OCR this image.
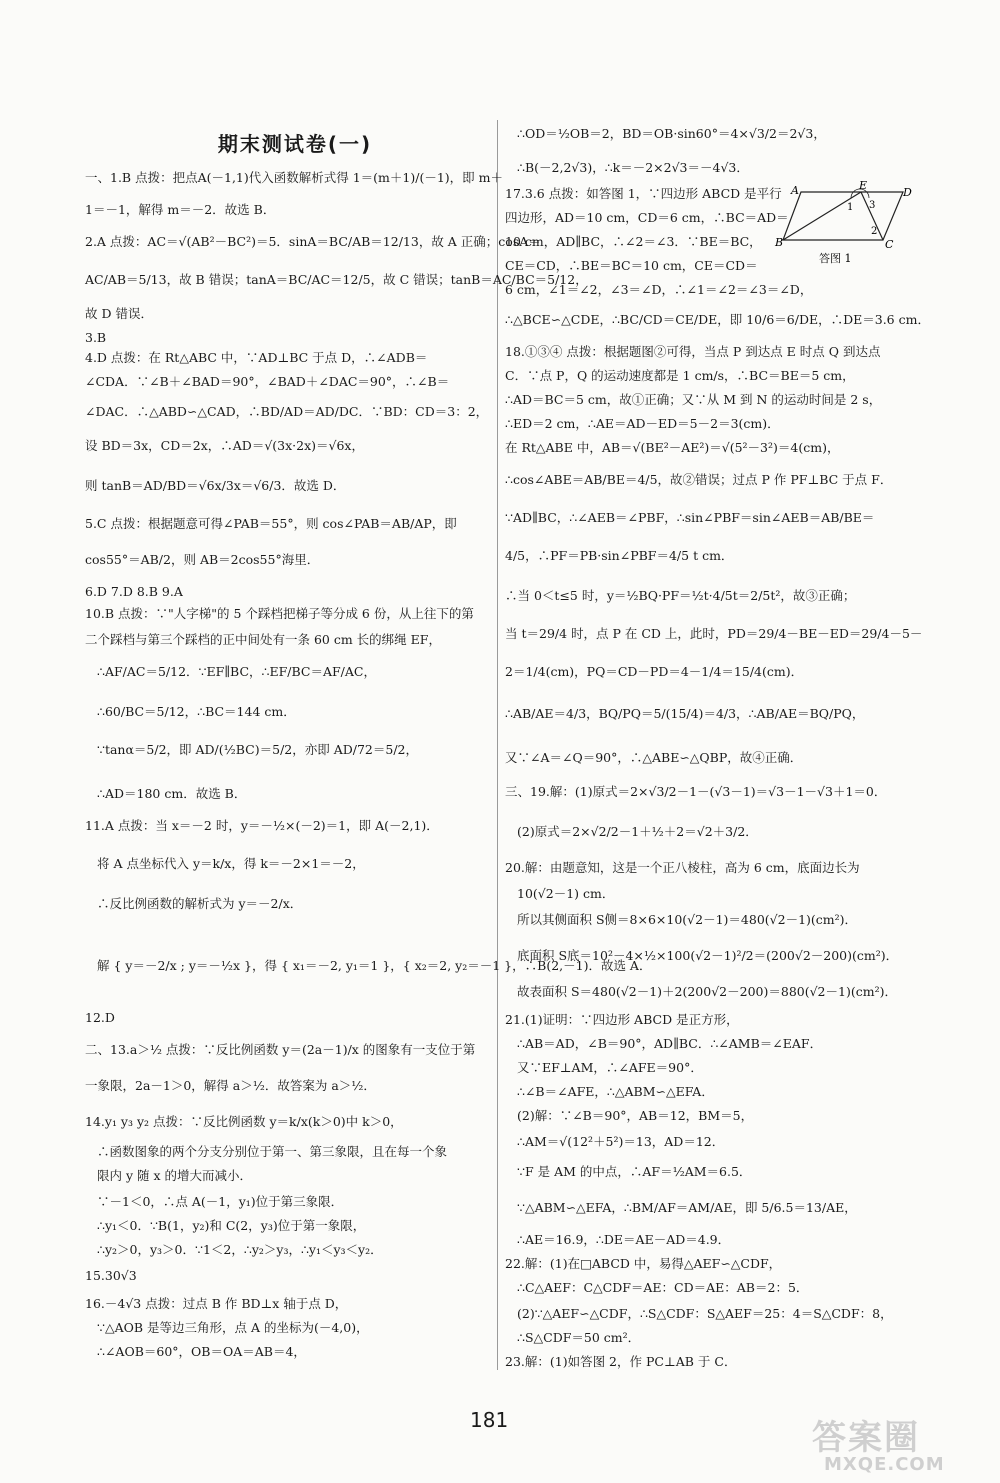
期末测试卷(一)
一、1.B 点拨：把点A(－1,1)代入函数解析式得 1＝(m＋1)/(－1)，即 m＋
1＝－1，解得 m＝－2．故选 B．
2.A 点拨：AC＝√(AB²－BC²)＝5．sinA＝BC/AB＝12/13，故 A 正确；cosA＝
AC/AB＝5/13，故 B 错误；tanA＝BC/AC＝12/5，故 C 错误；tanB＝AC/BC＝5/12，
故 D 错误．
3.B
4.D 点拨：在 Rt△ABC 中，∵AD⊥BC 于点 D，∴∠ADB＝
∠CDA．∵∠B＋∠BAD＝90°，∠BAD＋∠DAC＝90°，∴∠B＝
∠DAC．∴△ABD∽△CAD，∴BD/AD＝AD/DC．∵BD：CD＝3：2，
设 BD＝3x，CD＝2x，∴AD＝√(3x·2x)＝√6x，
则 tanB＝AD/BD＝√6x/3x＝√6/3．故选 D．
5.C 点拨：根据题意可得∠PAB＝55°，则 cos∠PAB＝AB/AP，即
cos55°＝AB/2，则 AB＝2cos55°海里．
6.D 7.D 8.B 9.A
10.B 点拨：∵"人字梯"的 5 个踩档把梯子等分成 6 份，从上往下的第
二个踩档与第三个踩档的正中间处有一条 60 cm 长的绑绳 EF，
∴AF/AC＝5/12．∵EF∥BC，∴EF/BC＝AF/AC，
∴60/BC＝5/12，∴BC＝144 cm．
∵tanα＝5/2，即 AD/(½BC)＝5/2，亦即 AD/72＝5/2，
∴AD＝180 cm．故选 B．
11.A 点拨：当 x＝－2 时，y＝－½×(－2)＝1，即 A(－2,1)．
将 A 点坐标代入 y＝k/x，得 k＝－2×1＝－2，
∴反比例函数的解析式为 y＝－2/x．
解 { y＝－2/x ; y＝－½x }，得 { x₁＝－2, y₁＝1 }，{ x₂＝2, y₂＝－1 }，∴B(2,－1)．故选 A．
12.D
二、13.a＞½ 点拨：∵反比例函数 y＝(2a－1)/x 的图象有一支位于第
一象限，2a－1＞0，解得 a＞½．故答案为 a＞½．
14.y₁ y₃ y₂ 点拨：∵反比例函数 y＝k/x(k＞0)中 k＞0，
∴函数图象的两个分支分别位于第一、第三象限，且在每一个象
限内 y 随 x 的增大而减小．
∵－1＜0，∴点 A(－1，y₁)位于第三象限．
∴y₁＜0．∵B(1，y₂)和 C(2，y₃)位于第一象限，
∴y₂＞0，y₃＞0．∵1＜2，∴y₂＞y₃，∴y₁＜y₃＜y₂．
15.30√3
16.－4√3 点拨：过点 B 作 BD⊥x 轴于点 D，
∵△AOB 是等边三角形，点 A 的坐标为(－4,0)，
∴∠AOB＝60°，OB＝OA＝AB＝4，
A
B	C
D
E
1
2
3
答图 1
∴OD＝½OB＝2，BD＝OB·sin60°＝4×√3/2＝2√3，
∴B(－2,2√3)，∴k＝－2×2√3＝－4√3．
17.3.6 点拨：如答图 1，∵四边形 ABCD 是平行
四边形，AD＝10 cm，CD＝6 cm，∴BC＝AD＝
10 cm，AD∥BC，∴∠2＝∠3．∵BE＝BC，
CE＝CD，∴BE＝BC＝10 cm，CE＝CD＝
6 cm，∠1＝∠2，∠3＝∠D，∴∠1＝∠2＝∠3＝∠D，
∴△BCE∽△CDE，∴BC/CD＝CE/DE，即 10/6＝6/DE，∴DE＝3.6 cm．
18.①③④ 点拨：根据题图②可得，当点 P 到达点 E 时点 Q 到达点
C．∵点 P，Q 的运动速度都是 1 cm/s，∴BC＝BE＝5 cm，
∴AD＝BC＝5 cm，故①正确；又∵从 M 到 N 的运动时间是 2 s，
∴ED＝2 cm，∴AE＝AD－ED＝5－2＝3(cm)．
在 Rt△ABE 中，AB＝√(BE²－AE²)＝√(5²－3²)＝4(cm)，
∴cos∠ABE＝AB/BE＝4/5，故②错误；过点 P 作 PF⊥BC 于点 F．
∵AD∥BC，∴∠AEB＝∠PBF，∴sin∠PBF＝sin∠AEB＝AB/BE＝
4/5，∴PF＝PB·sin∠PBF＝4/5 t cm．
∴当 0＜t≤5 时，y＝½BQ·PF＝½t·4/5t＝2/5t²，故③正确；
当 t＝29/4 时，点 P 在 CD 上，此时，PD＝29/4－BE－ED＝29/4－5－
2＝1/4(cm)，PQ＝CD－PD＝4－1/4＝15/4(cm)．
∴AB/AE＝4/3，BQ/PQ＝5/(15/4)＝4/3，∴AB/AE＝BQ/PQ，
又∵∠A＝∠Q＝90°，∴△ABE∽△QBP，故④正确．
三、19.解：(1)原式＝2×√3/2－1－(√3－1)＝√3－1－√3＋1＝0．
(2)原式＝2×√2/2－1＋½＋2＝√2＋3/2．
20.解：由题意知，这是一个正八棱柱，高为 6 cm，底面边长为
10(√2－1) cm．
所以其侧面积 S侧＝8×6×10(√2－1)＝480(√2－1)(cm²)．
底面积 S底＝10²－4×½×100(√2－1)²/2＝(200√2－200)(cm²)．
故表面积 S＝480(√2－1)＋2(200√2－200)＝880(√2－1)(cm²)．
21.(1)证明：∵四边形 ABCD 是正方形，
∴AB＝AD，∠B＝90°，AD∥BC．∴∠AMB＝∠EAF．
又∵EF⊥AM，∴∠AFE＝90°．
∴∠B＝∠AFE，∴△ABM∽△EFA．
(2)解：∵∠B＝90°，AB＝12，BM＝5，
∴AM＝√(12²＋5²)＝13，AD＝12．
∵F 是 AM 的中点，∴AF＝½AM＝6.5．
∵△ABM∽△EFA，∴BM/AF＝AM/AE，即 5/6.5＝13/AE，
∴AE＝16.9，∴DE＝AE－AD＝4.9．
22.解：(1)在□ABCD 中，易得△AEF∽△CDF，
∴C△AEF：C△CDF＝AE：CD＝AE：AB＝2：5．
(2)∵△AEF∽△CDF，∴S△CDF：S△AEF＝25：4＝S△CDF：8，
∴S△CDF＝50 cm²．
23.解：(1)如答图 2，作 PC⊥AB 于 C．
181	答案圈
MXQE.COM
